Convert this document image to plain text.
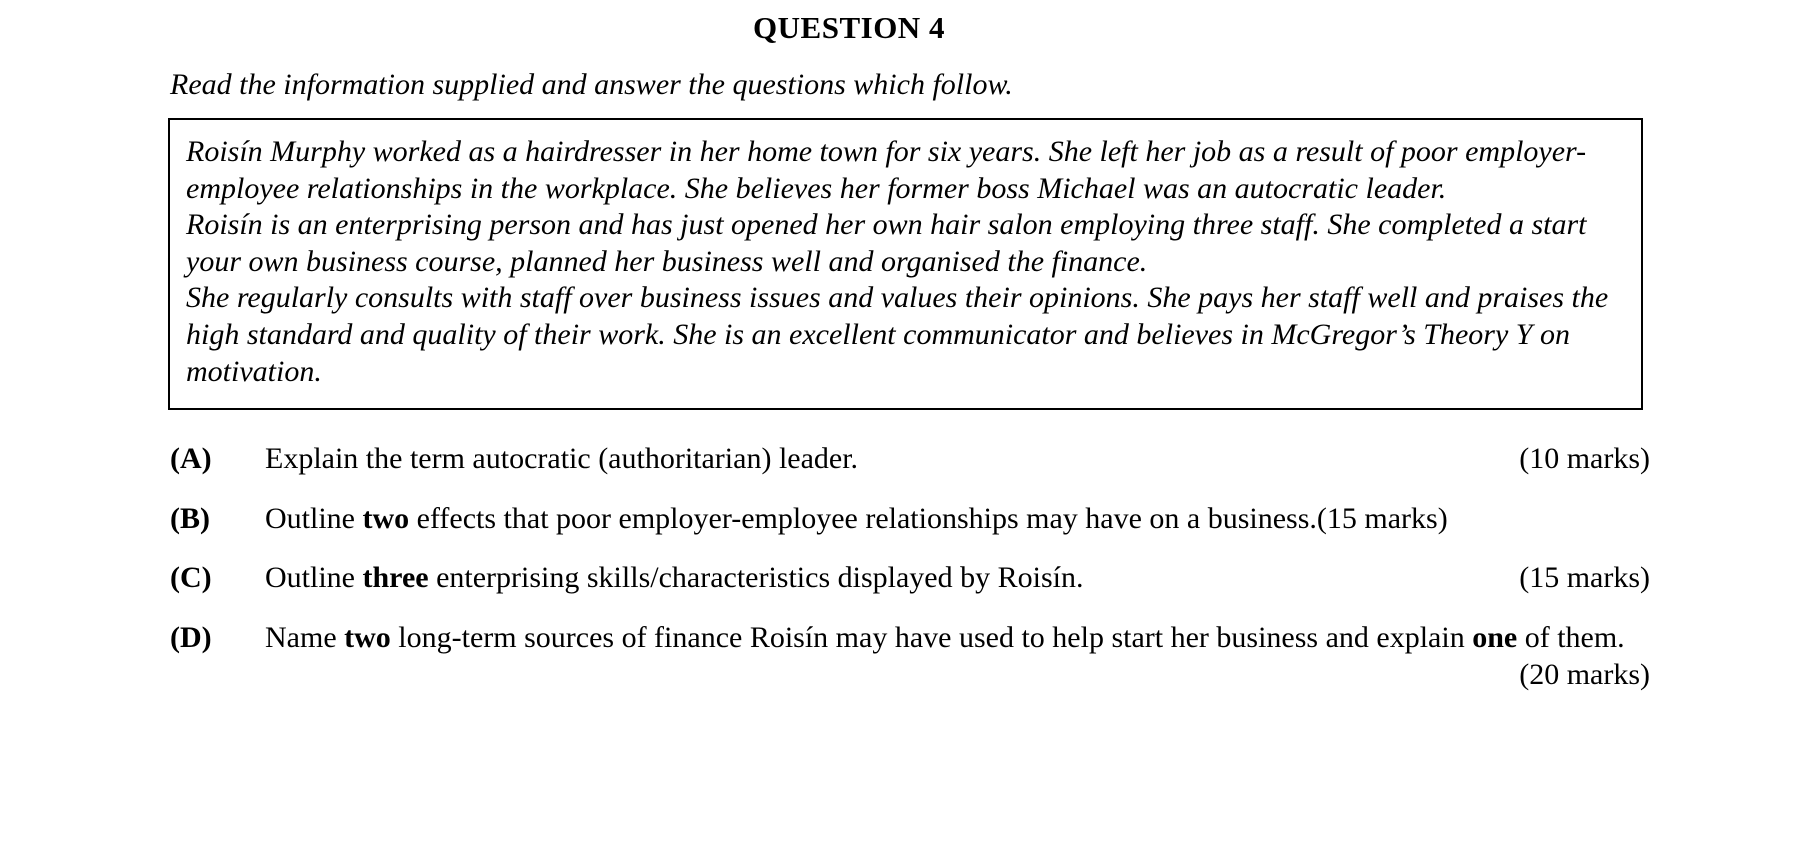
QUESTION 4
Read the information supplied and answer the questions which follow.

Roisín Murphy worked as a hairdresser in her home town for six years. She left her job as a result of poor employer-employee relationships in the workplace. She believes her former boss Michael was an autocratic leader.

Roisín is an enterprising person and has just opened her own hair salon employing three staff. She completed a start your own business course, planned her business well and organised the finance.

She regularly consults with staff over business issues and values their opinions. She pays her staff well and praises the high standard and quality of their work. She is an excellent communicator and believes in McGregor’s Theory Y on motivation.

(A)	Explain the term autocratic (authoritarian) leader.	(10 marks)
(B)	Outline two effects that poor employer-employee relationships may have on a business.(15 marks)
(C)	Outline three enterprising skills/characteristics displayed by Roisín.	(15 marks)
(D)	Name two long-term sources of finance Roisín may have used to help start her business and explain one of them.
(20 marks)
